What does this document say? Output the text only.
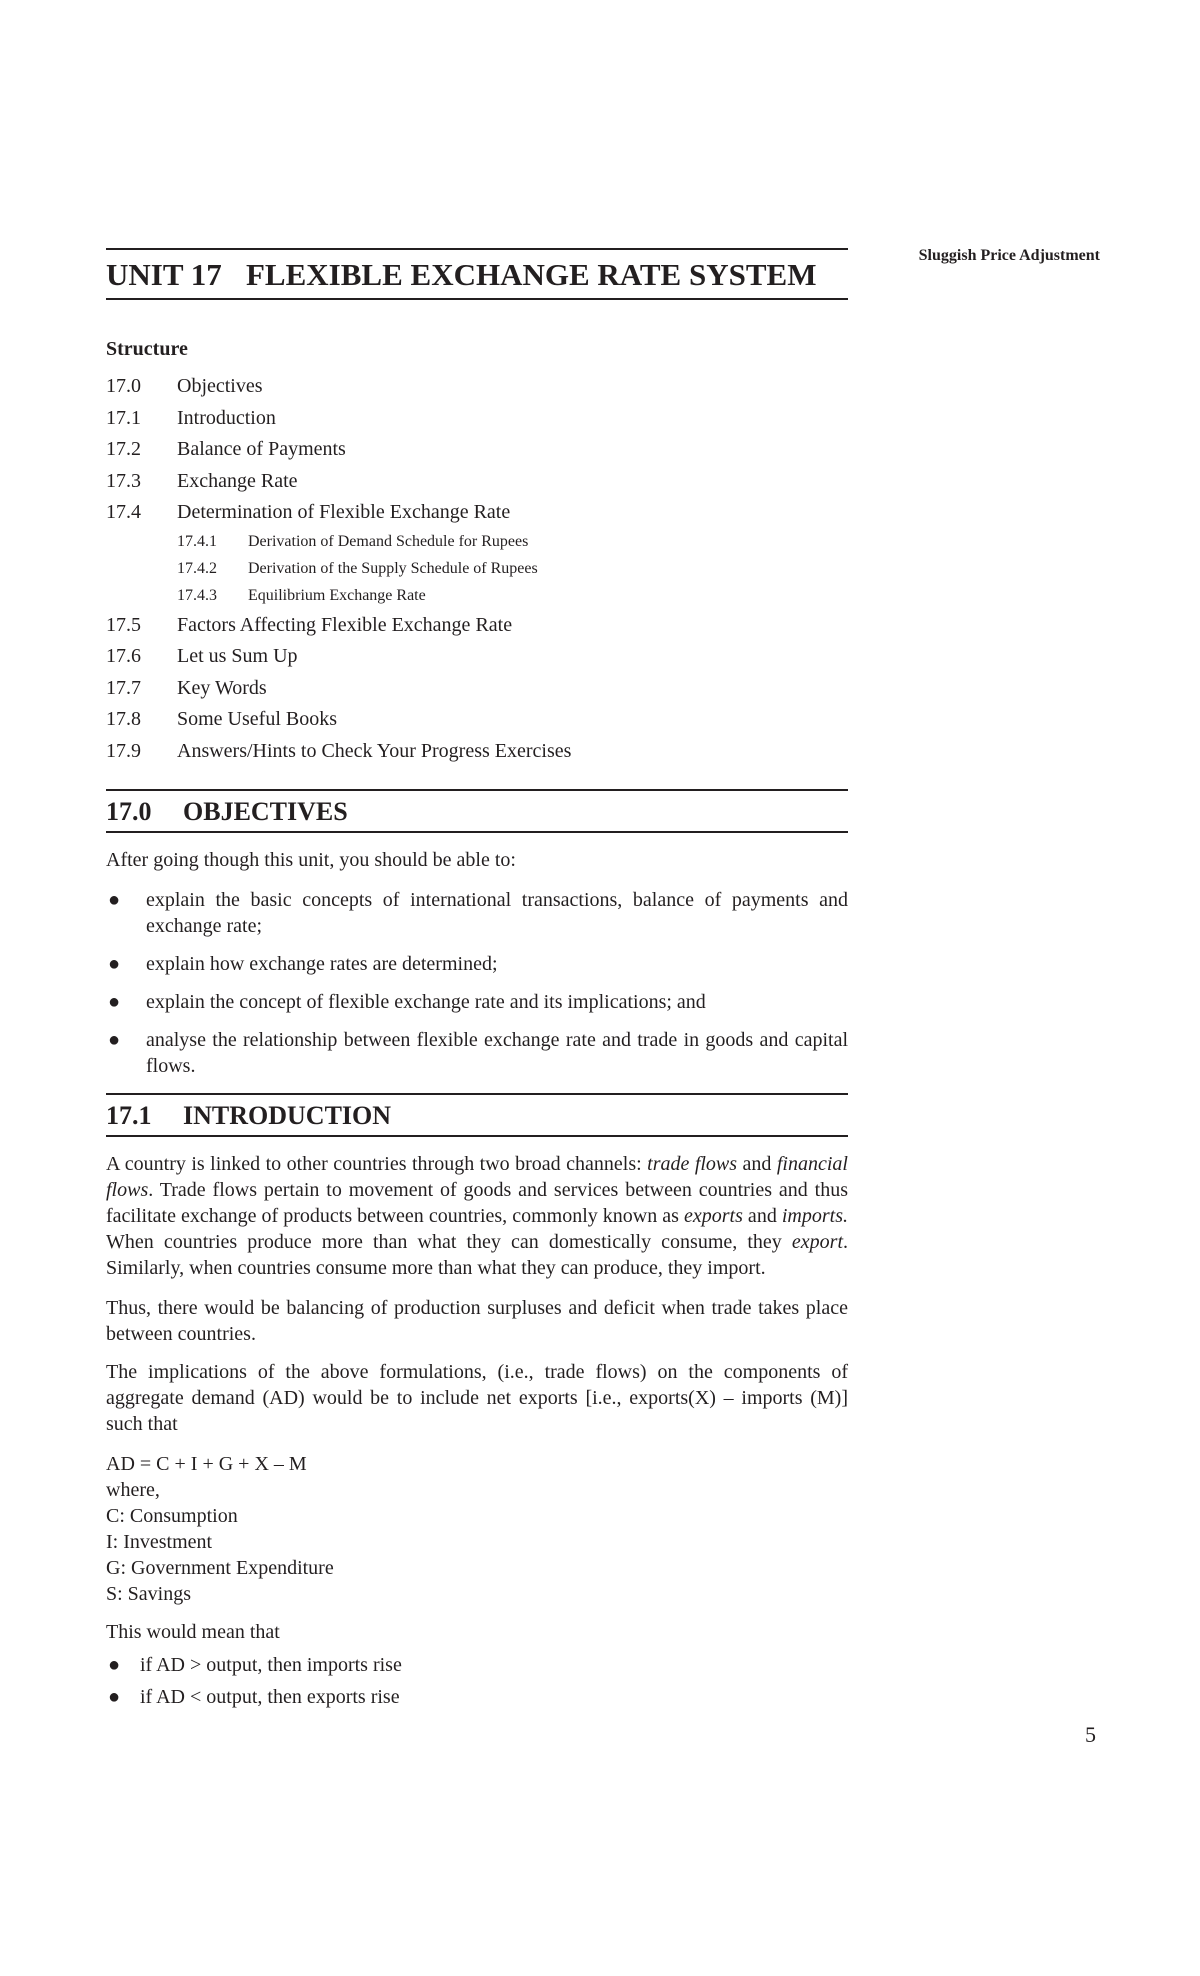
Sluggish Price Adjustment
UNIT 17 FLEXIBLE EXCHANGE RATE SYSTEM
Structure
17.0	Objectives
17.1	Introduction
17.2	Balance of Payments
17.3	Exchange Rate
17.4	Determination of Flexible Exchange Rate
17.4.1	Derivation of Demand Schedule for Rupees
17.4.2	Derivation of the Supply Schedule of Rupees
17.4.3	Equilibrium Exchange Rate
17.5	Factors Affecting Flexible Exchange Rate
17.6	Let us Sum Up
17.7	Key Words
17.8	Some Useful Books
17.9	Answers/Hints to Check Your Progress Exercises
17.0 OBJECTIVES

After going though this unit, you should be able to:

● explain the basic concepts of international transactions, balance of payments and exchange rate;
● explain how exchange rates are determined;
● explain the concept of flexible exchange rate and its implications; and
● analyse the relationship between flexible exchange rate and trade in goods and capital flows.
17.1 INTRODUCTION

A country is linked to other countries through two broad channels: trade flows and financial flows. Trade flows pertain to movement of goods and services between countries and thus facilitate exchange of products between countries, commonly known as exports and imports. When countries produce more than what they can domestically consume, they export. Similarly, when countries consume more than what they can produce, they import.

Thus, there would be balancing of production surpluses and deficit when trade takes place between countries.

The implications of the above formulations, (i.e., trade flows) on the components of aggregate demand (AD) would be to include net exports [i.e., exports(X) – imports (M)] such that

AD = C + I + G + X – M
where,
C: Consumption
I: Investment
G: Government Expenditure
S: Savings

This would mean that

● if AD > output, then imports rise
● if AD < output, then exports rise
5
